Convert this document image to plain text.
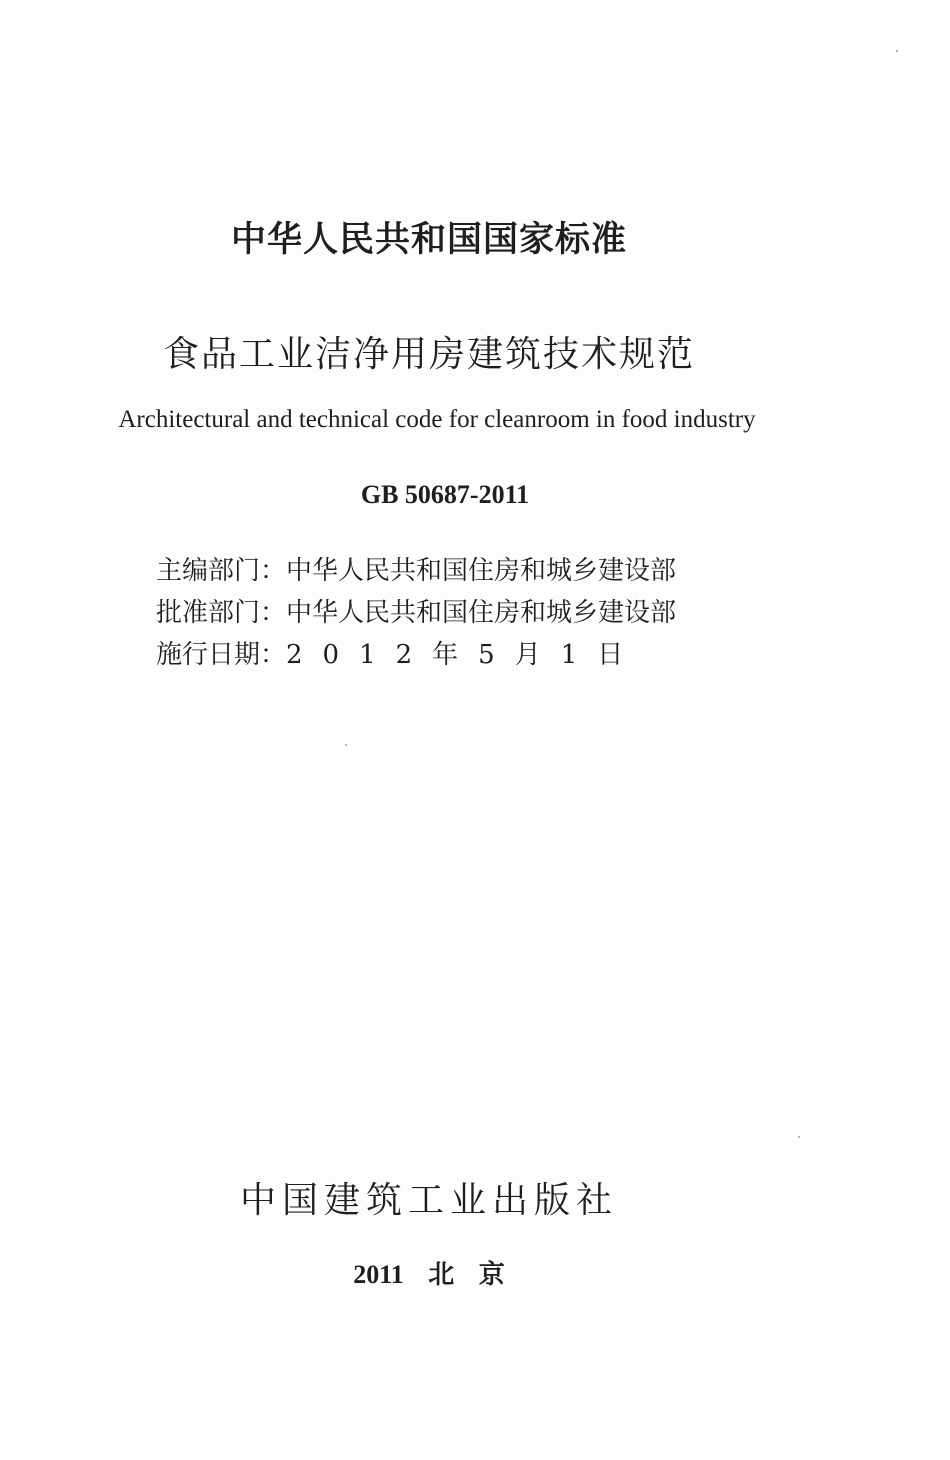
中华人民共和国国家标准
食品工业洁净用房建筑技术规范
Architectural and technical code for cleanroom in food industry
GB 50687-2011
主编部门：中华人民共和国住房和城乡建设部
批准部门：中华人民共和国住房和城乡建设部
施行日期：2012年5月1日
中国建筑工业出版社
2011 北 京
